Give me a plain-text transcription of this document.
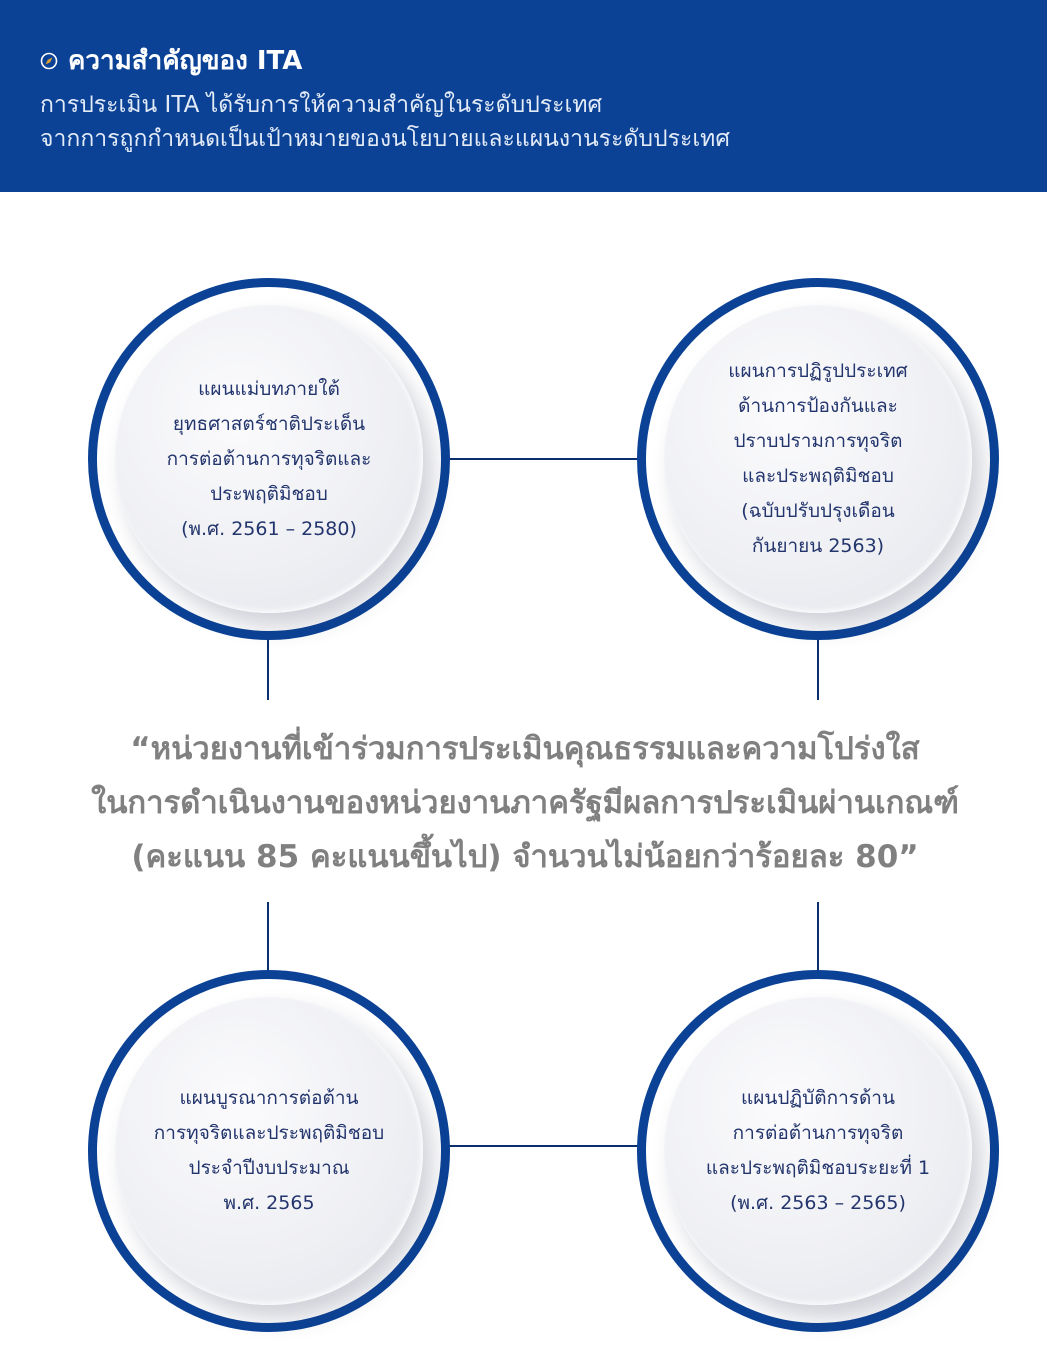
ความสำคัญของ ITA
การประเมิน ITA ได้รับการให้ความสำคัญในระดับประเทศ
จากการถูกกำหนดเป็นเป้าหมายของนโยบายและแผนงานระดับประเทศ
แผนแม่บทภายใต้
ยุทธศาสตร์ชาติประเด็น
การต่อต้านการทุจริตและ
ประพฤติมิชอบ
(พ.ศ. 2561 – 2580)
แผนการปฏิรูปประเทศ
ด้านการป้องกันและ
ปราบปรามการทุจริต
และประพฤติมิชอบ
(ฉบับปรับปรุงเดือน
กันยายน 2563)
“หน่วยงานที่เข้าร่วมการประเมินคุณธรรมและความโปร่งใส
ในการดำเนินงานของหน่วยงานภาครัฐมีผลการประเมินผ่านเกณฑ์
(คะแนน 85 คะแนนขึ้นไป) จำนวนไม่น้อยกว่าร้อยละ 80”
แผนบูรณาการต่อต้าน
การทุจริตและประพฤติมิชอบ
ประจำปีงบประมาณ
พ.ศ. 2565
แผนปฏิบัติการด้าน
การต่อต้านการทุจริต
และประพฤติมิชอบระยะที่ 1
(พ.ศ. 2563 – 2565)
